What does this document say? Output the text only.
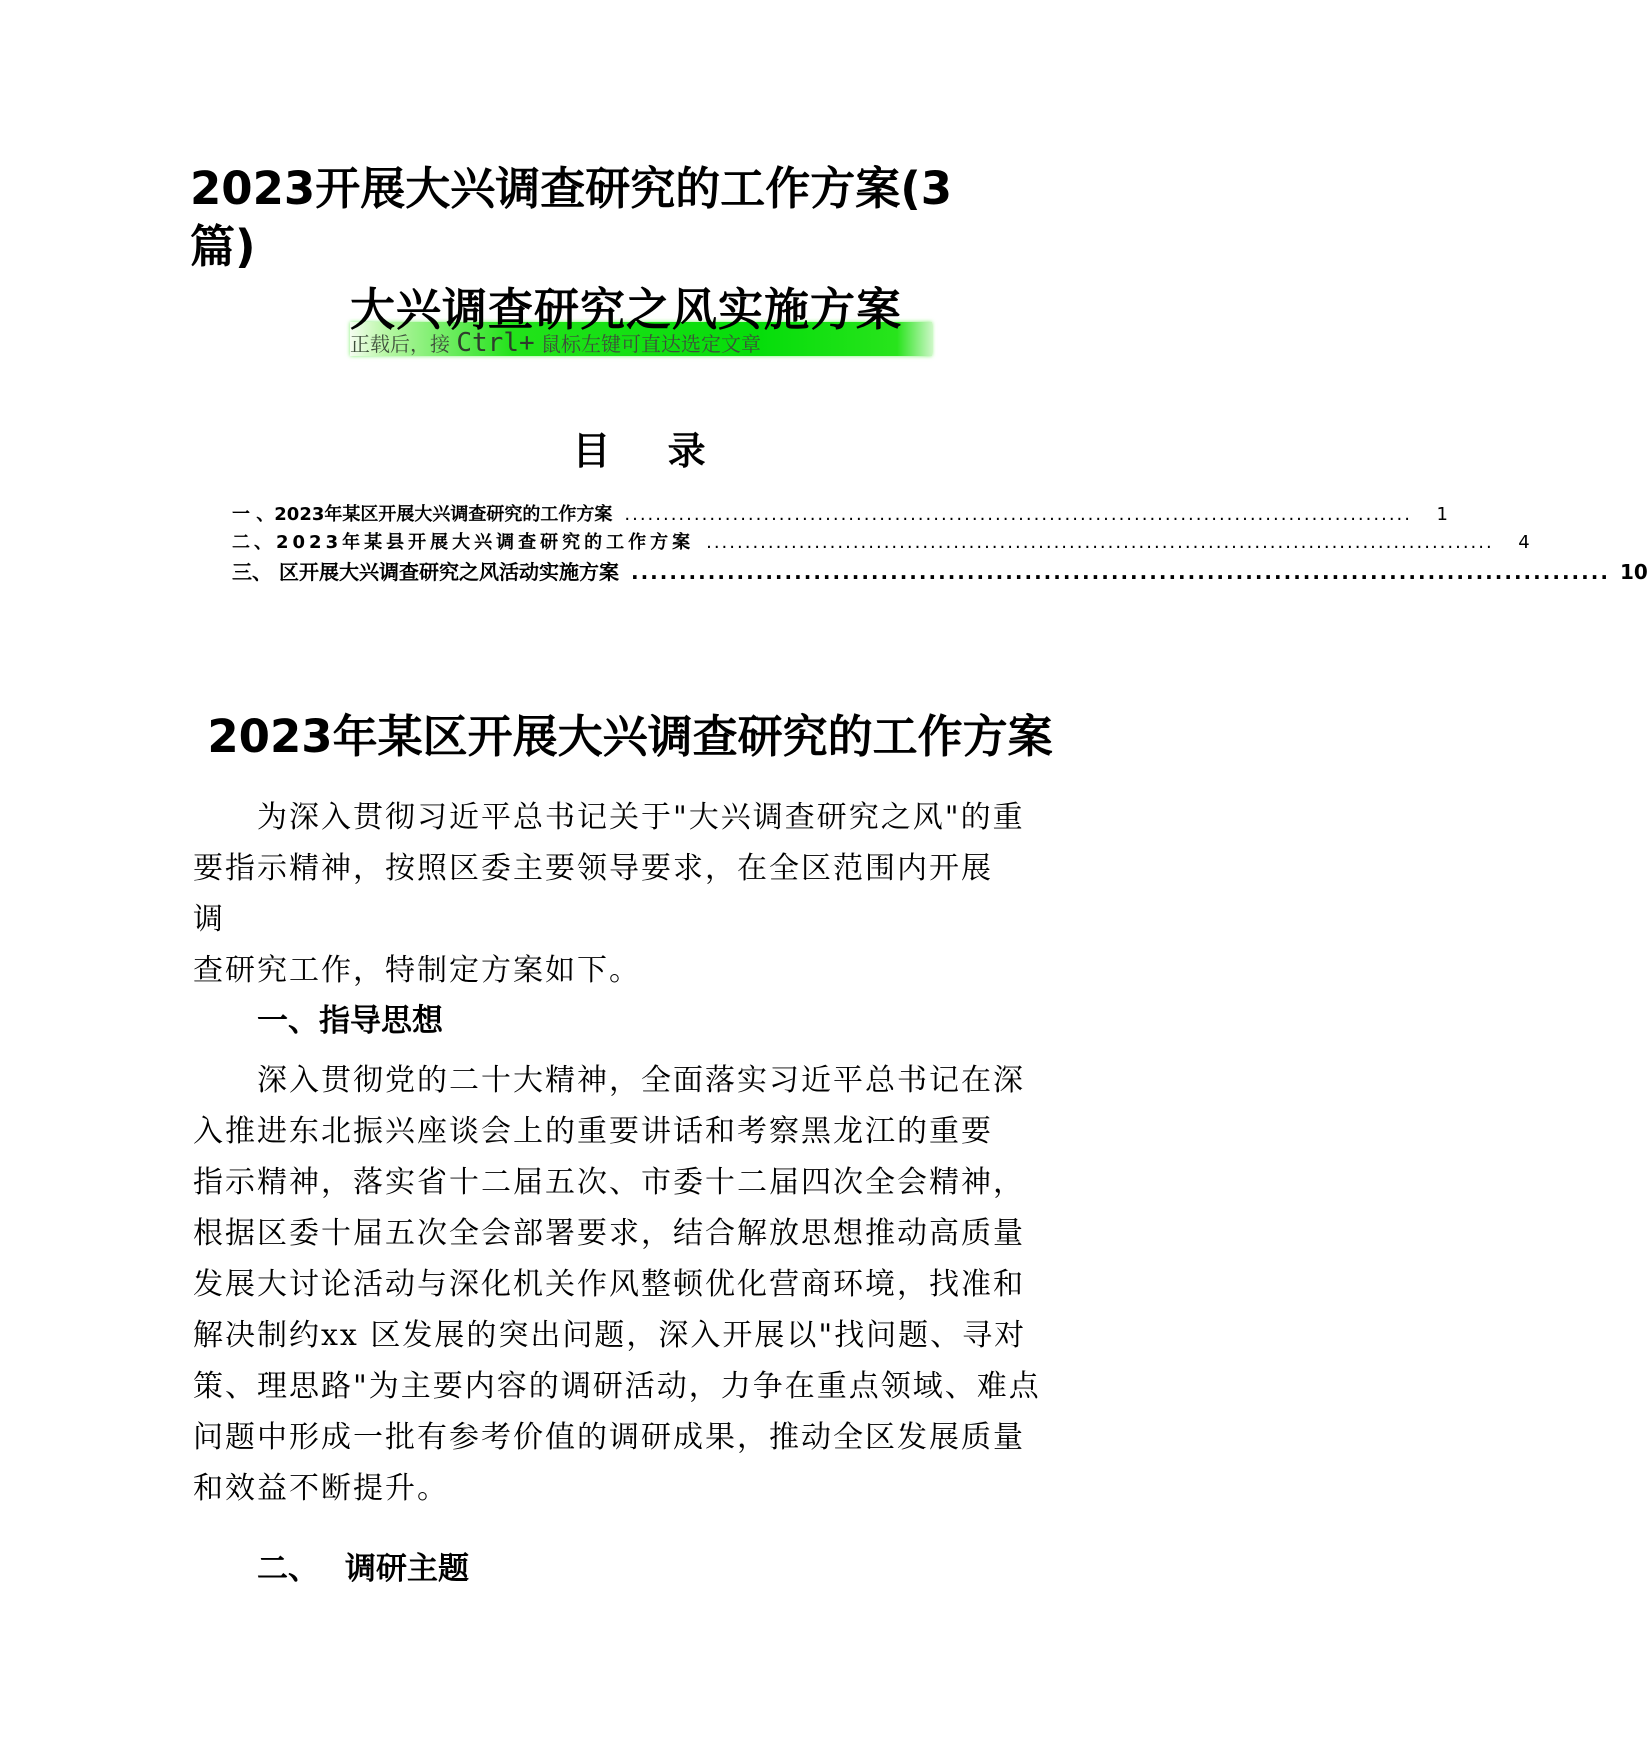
2023开展大兴调查研究的工作方案(3篇)
大兴调查研究之风实施方案
正载后，接 Ctrl+ 鼠标左键可直达选定文章
目 录
一 、2023年某区开展大兴调查研究的工作方案 ......................................................................................................	1
二、2023年某县开展大兴调查研究的工作方案 ......................................................................................................	4
三、 区开展大兴调查研究之风活动实施方案 ...................................................................................................... 10
2023年某区开展大兴调查研究的工作方案
为深入贯彻习近平总书记关于"大兴调查研究之风"的重
要指示精神，按照区委主要领导要求，在全区范围内开展
调
查研究工作，特制定方案如下。
一、指导思想
深入贯彻党的二十大精神，全面落实习近平总书记在深
入推进东北振兴座谈会上的重要讲话和考察黑龙江的重要
指示精神，落实省十二届五次、市委十二届四次全会精神，
根据区委十届五次全会部署要求，结合解放思想推动高质量
发展大讨论活动与深化机关作风整顿优化营商环境，找准和
解决制约xx 区发展的突出问题，深入开展以"找问题、寻对
策、理思路"为主要内容的调研活动，力争在重点领域、难点
问题中形成一批有参考价值的调研成果，推动全区发展质量
和效益不断提升。
二、 调研主题
